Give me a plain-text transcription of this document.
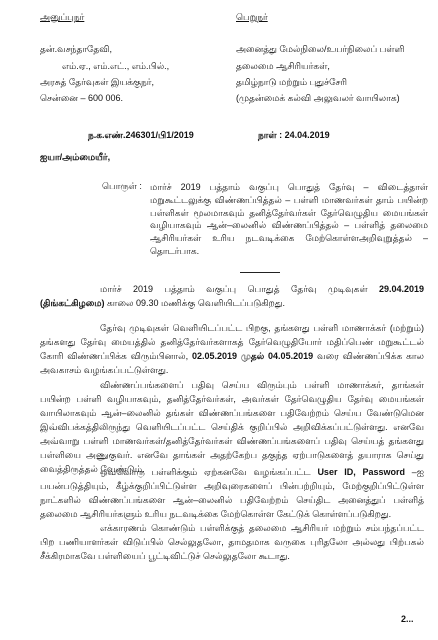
அனுப்புநர்
தன்.வசந்தாதேவி,
எம்.ஏ., எம்.எட்., எம்.பில்.,
அரசுத் தேர்வுகள் இயக்குநர்,
சென்னை – 600 006.
பெறுநர்
அனைத்து மேல்நிலை/உயர்நிலைப் பள்ளி
தலைமை ஆசிரியர்கள்,
தமிழ்நாடு மற்றும் புதுச்சேரி
(முதன்மைக் கல்வி அலுவலர் வாயிலாக)
ந.க.எண்.246301/பி1/2019	நாள் : 24.04.2019
ஐயா/அம்மையீர்,
பொருள் : மார்ச் 2019 பத்தாம் வகுப்பு பொதுத் தேர்வு – விடைத்தாள் மறுகூட்டலுக்கு விண்ணப்பித்தல் – பள்ளி மாணவர்கள் தாம் பயின்ற பள்ளிகள் மூலமாகவும் தனித்தேர்வர்கள் தேர்வெழுதிய மையங்கள் வழியாகவும் ஆன்–லைனில் விண்ணப்பித்தல் – பள்ளித் தலைமை ஆசிரியர்கள் உரிய நடவடிக்கை மேற்கொள்ளஅறிவுறுத்தல் –தொடர்பாக.
மார்ச் 2019 பத்தாம் வகுப்பு பொதுத் தேர்வு முடிவுகள் 29.04.2019 (திங்கட்கிழமை) காலை 09.30 மணிக்கு வெளியிடப்படுகிறது.
தேர்வு முடிவுகள் வெளியிடப்பட்ட பிறகு, தங்களது பள்ளி மாணாக்கர் (மற்றும்) தங்களது தேர்வு மையத்தில் தனித்தேர்வர்களாகத் தேர்வெழுதியோர் மதிப்பெண் மறுகூட்டல் கோரி விண்ணப்பிக்க விரும்பினால், 02.05.2019 முதல் 04.05.2019 வரை விண்ணப்பிக்க கால அவகாசம் வழங்கப்பட்டுள்ளது.
விண்ணப்பங்களைப் பதிவு செய்ய விரும்பும் பள்ளி மாணாக்கர், தாங்கள் பயின்ற பள்ளி வழியாகவும், தனித்தேர்வர்கள், அவர்கள் தேர்வெழுதிய தேர்வு மையங்கள் வாயிலாகவும் ஆன்–லைனில் தங்கள் விண்ணப்பங்களை பதிவேற்றம் செய்ய வேண்டுமென இவ்விபக்கத்திலிருந்து வெளியிடப்பட்ட செய்திக் குறிப்பில் அறிவிக்கப்பட்டுள்ளது. எனவே அவ்வாறு பள்ளி மாணவர்கள்/தனித்தேர்வர்கள் விண்ணப்பங்களைப் பதிவு செய்யத் தங்களது பள்ளியை அணுகுவர். எனவே தாங்கள் அதற்கேற்ப தகுந்த ஏற்பாடுகளைத் தயாராக செய்து வைத்திருத்தல் வேண்டும்.
ஒவ்வொரு பள்ளிக்கும் ஏற்கனவே வழங்கப்பட்ட User ID, Password –ஐ பயன்படுத்தியும், கீழ்க்குறிப்பிட்டுள்ள அறிவுரைகளைப் பின்பற்றியும், மேற்குறிப்பிட்டுள்ள நாட்களில் விண்ணப்பங்களை ஆன்–லைனில் பதிவேற்றம் செய்திட அனைத்துப் பள்ளித் தலைமை ஆசிரியர்களும் உரிய நடவடிக்கை மேற்கொள்ள கேட்டுக் கொள்ளப்படுகிறது.
எக்காரணம் கொண்டும் பள்ளிக்குத் தலைமை ஆசிரியர் மற்றும் சம்பந்தப்பட்ட பிற பணியாளர்கள் விடுப்பில் செல்லுதலோ, தாமதமாக வருகை புரிதலோ அல்லது பிற்பகல் சீக்கிரமாகவே பள்ளியைப் பூட்டிவிட்டுச் செல்லுதலோ கூடாது.
2...
